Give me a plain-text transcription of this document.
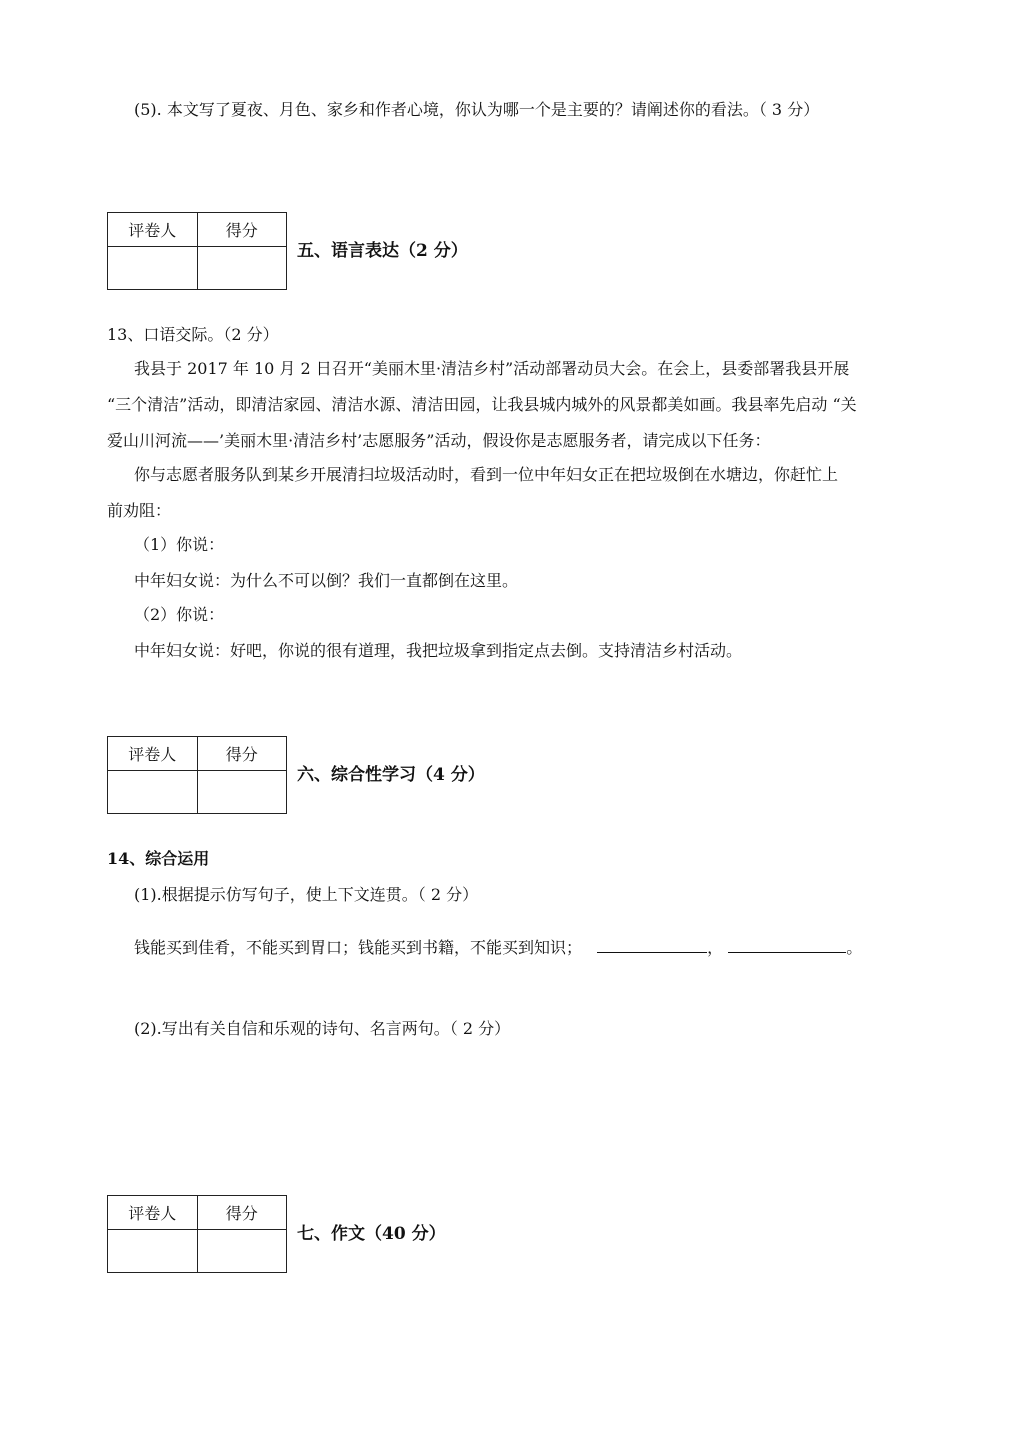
(5). 本文写了夏夜、月色、家乡和作者心境，你认为哪一个是主要的？请阐述你的看法。（ 3 分）
评卷人	得分

五、语言表达（2 分）
13、口语交际。（2 分）
我县于 2017 年 10 月 2 日召开“美丽木里·清洁乡村”活动部署动员大会。在会上，县委部署我县开展
“三个清洁”活动，即清洁家园、清洁水源、清洁田园，让我县城内城外的风景都美如画。我县率先启动 “关
爱山川河流——’美丽木里·清洁乡村’志愿服务”活动，假设你是志愿服务者，请完成以下任务：
你与志愿者服务队到某乡开展清扫垃圾活动时，看到一位中年妇女正在把垃圾倒在水塘边，你赶忙上
前劝阻：
（1）你说：
中年妇女说：为什么不可以倒？我们一直都倒在这里。
（2）你说：
中年妇女说：好吧，你说的很有道理，我把垃圾拿到指定点去倒。支持清洁乡村活动。
评卷人	得分

六、综合性学习（4 分）
14、综合运用
(1).根据提示仿写句子，使上下文连贯。（ 2 分）
钱能买到佳肴，不能买到胃口；钱能买到书籍，不能买到知识；	，	。
(2).写出有关自信和乐观的诗句、名言两句。（ 2 分）
评卷人	得分

七、作文（40 分）
